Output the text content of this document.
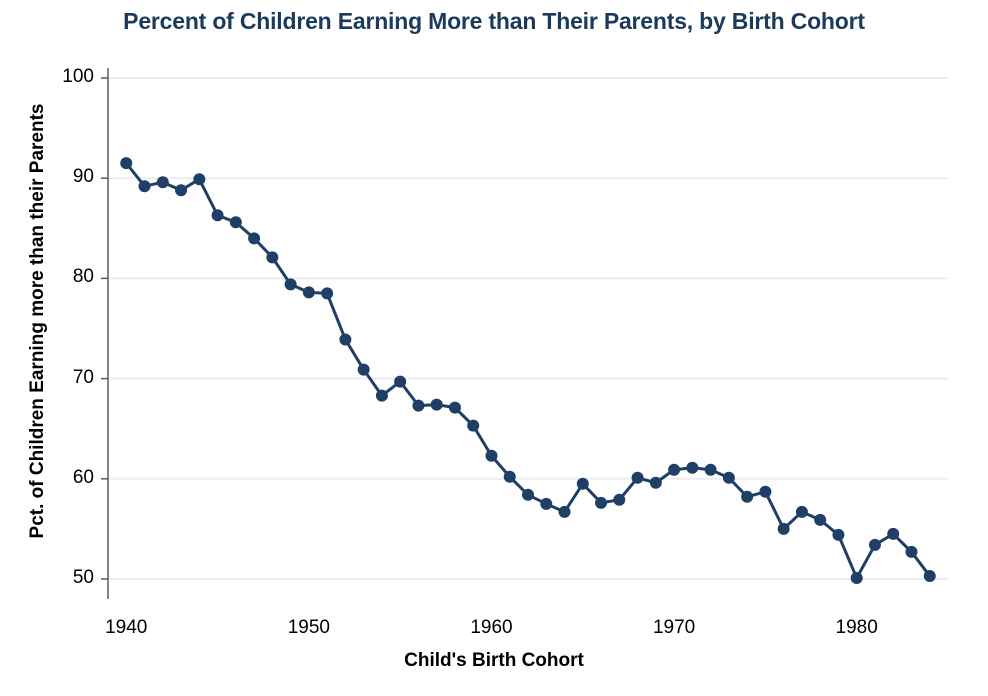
Percent of Children Earning More than Their Parents, by Birth Cohort
50
60
70
80
90
100
1940	1950	1960	1970	1980
Child's Birth Cohort
Pct. of Children Earning more than their Parents
